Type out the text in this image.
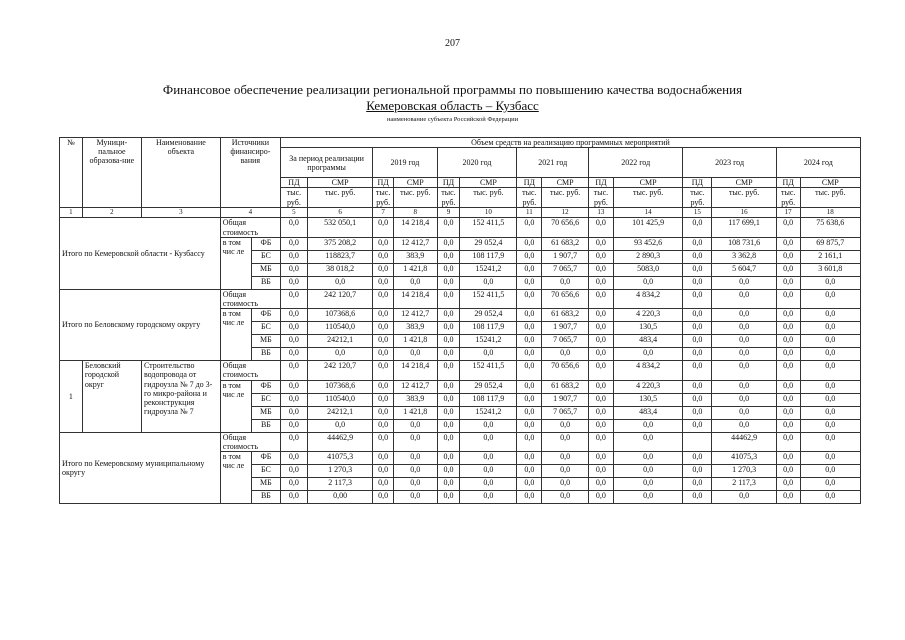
207
Финансовое обеспечение реализации региональной программы по повышению качества водоснабжения
Кемеровская область – Кузбасс
наименование субъекта Российской Федерации
№	Муници-пальное образова-ние	Наименование объекта	Источники финансиро-вания		Объем средств на реализацию программных мероприятий													
					За период реализации программы		2019 год		2020 год		2021 год		2022 год		2023 год		2024 год	
					ПД	СМР	ПД	СМР	ПД	СМР	ПД	СМР	ПД	СМР	ПД	СМР	ПД	СМР
					тыс. руб.	тыс. руб.	тыс. руб.	тыс. руб.	тыс. руб.	тыс. руб.	тыс. руб.	тыс. руб.	тыс. руб.	тыс. руб.	тыс. руб.	тыс. руб.	тыс. руб.	тыс. руб.
1	2	3	4		5	6	7	8	9	10	11	12	13	14	15	16	17	18
Итого по Кемеровской области - Кузбассу			Общая стоимость		0,0	532 050,1	0,0	14 218,4	0,0	152 411,5	0,0	70 656,6	0,0	101 425,9	0,0	117 699,1	0,0	75 638,6
			в том чис ле	ФБ	0,0	375 208,2	0,0	12 412,7	0,0	29 052,4	0,0	61 683,2	0,0	93 452,6	0,0	108 731,6	0,0	69 875,7
				БС	0,0	118823,7	0,0	383,9	0,0	108 117,9	0,0	1 907,7	0,0	2 890,3	0,0	3 362,8	0,0	2 161,1
				МБ	0,0	38 018,2	0,0	1 421,8	0,0	15241,2	0,0	7 065,7	0,0	5083,0	0,0	5 604,7	0,0	3 601,8
				ВБ	0,0	0,0	0,0	0,0	0,0	0,0	0,0	0,0	0,0	0,0	0,0	0,0	0,0	0,0
Итого по Беловскому городскому округу			Общая стоимость		0,0	242 120,7	0,0	14 218,4	0,0	152 411,5	0,0	70 656,6	0,0	4 834,2	0,0	0,0	0,0	0,0
			в том чис ле	ФБ	0,0	107368,6	0,0	12 412,7	0,0	29 052,4	0,0	61 683,2	0,0	4 220,3	0,0	0,0	0,0	0,0
				БС	0,0	110540,0	0,0	383,9	0,0	108 117,9	0,0	1 907,7	0,0	130,5	0,0	0,0	0,0	0,0
				МБ	0,0	24212,1	0,0	1 421,8	0,0	15241,2	0,0	7 065,7	0,0	483,4	0,0	0,0	0,0	0,0
				ВБ	0,0	0,0	0,0	0,0	0,0	0,0	0,0	0,0	0,0	0,0	0,0	0,0	0,0	0,0
1	Беловский городской округ	Строительство водопровода от гидроузла № 7 до 3-го микро-района и реконструкция гидроузла № 7	Общая стоимость		0,0	242 120,7	0,0	14 218,4	0,0	152 411,5	0,0	70 656,6	0,0	4 834,2	0,0	0,0	0,0	0,0
			в том чис ле	ФБ	0,0	107368,6	0,0	12 412,7	0,0	29 052,4	0,0	61 683,2	0,0	4 220,3	0,0	0,0	0,0	0,0
				БС	0,0	110540,0	0,0	383,9	0,0	108 117,9	0,0	1 907,7	0,0	130,5	0,0	0,0	0,0	0,0
				МБ	0,0	24212,1	0,0	1 421,8	0,0	15241,2	0,0	7 065,7	0,0	483,4	0,0	0,0	0,0	0,0
				ВБ	0,0	0,0	0,0	0,0	0,0	0,0	0,0	0,0	0,0	0,0	0,0	0,0	0,0	0,0
Итого по Кемеровскому муниципальному округу			Общая стоимость		0,0	44462,9	0,0	0,0	0,0	0,0	0,0	0,0	0,0	0,0		44462,9	0,0	0,0
			в том чис ле	ФБ	0,0	41075,3	0,0	0,0	0,0	0,0	0,0	0,0	0,0	0,0	0,0	41075,3	0,0	0,0
				БС	0,0	1 270,3	0,0	0,0	0,0	0,0	0,0	0,0	0,0	0,0	0,0	1 270,3	0,0	0,0
				МБ	0,0	2 117,3	0,0	0,0	0,0	0,0	0,0	0,0	0,0	0,0	0,0	2 117,3	0,0	0,0
				ВБ	0,0	0,00	0,0	0,0	0,0	0,0	0,0	0,0	0,0	0,0	0,0	0,0	0,0	0,0
